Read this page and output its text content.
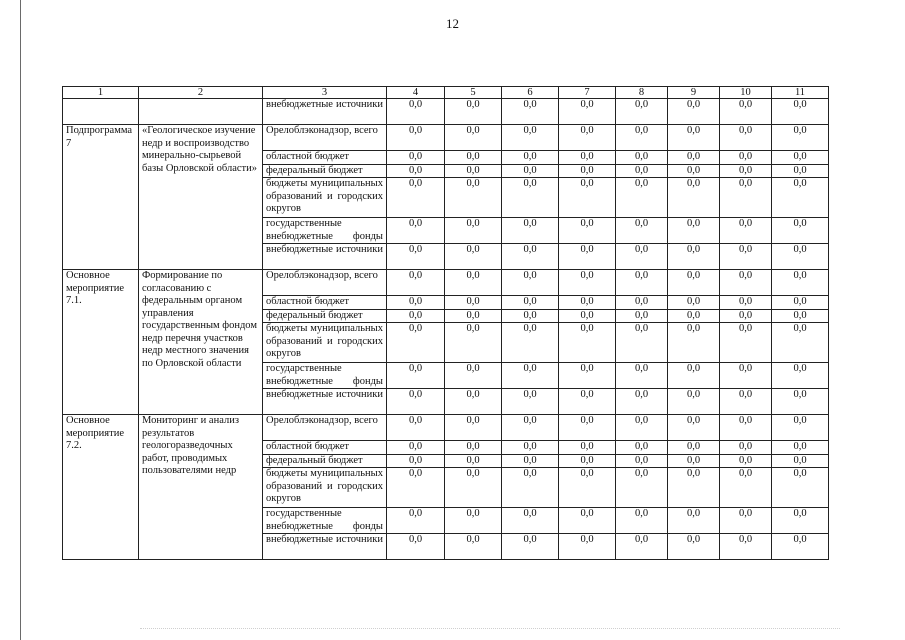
12
1	2	3	4	5	6	7	8	9	10	11
		внебюджетные источники	0,0	0,0	0,0	0,0	0,0	0,0	0,0	0,0
Подпрограмма 7	«Геологическое изучение недр и воспроизводство минерально-сырьевой базы Орловской области»	Орелоблэконадзор, всего	0,0	0,0	0,0	0,0	0,0	0,0	0,0	0,0
		областной бюджет	0,0	0,0	0,0	0,0	0,0	0,0	0,0	0,0
		федеральный бюджет	0,0	0,0	0,0	0,0	0,0	0,0	0,0	0,0
		бюджеты муниципальных образований и городских округов	0,0	0,0	0,0	0,0	0,0	0,0	0,0	0,0
		государственные внебюджетные фонды	0,0	0,0	0,0	0,0	0,0	0,0	0,0	0,0
		внебюджетные источники	0,0	0,0	0,0	0,0	0,0	0,0	0,0	0,0
Основное мероприятие 7.1.	Формирование по согласованию с федеральным органом управления государственным фондом недр перечня участков недр местного значения по Орловской области	Орелоблэконадзор, всего	0,0	0,0	0,0	0,0	0,0	0,0	0,0	0,0
		областной бюджет	0,0	0,0	0,0	0,0	0,0	0,0	0,0	0,0
		федеральный бюджет	0,0	0,0	0,0	0,0	0,0	0,0	0,0	0,0
		бюджеты муниципальных образований и городских округов	0,0	0,0	0,0	0,0	0,0	0,0	0,0	0,0
		государственные внебюджетные фонды	0,0	0,0	0,0	0,0	0,0	0,0	0,0	0,0
		внебюджетные источники	0,0	0,0	0,0	0,0	0,0	0,0	0,0	0,0
Основное мероприятие 7.2.	Мониторинг и анализ результатов геологоразведочных работ, проводимых пользователями недр	Орелоблэконадзор, всего	0,0	0,0	0,0	0,0	0,0	0,0	0,0	0,0
		областной бюджет	0,0	0,0	0,0	0,0	0,0	0,0	0,0	0,0
		федеральный бюджет	0,0	0,0	0,0	0,0	0,0	0,0	0,0	0,0
		бюджеты муниципальных образований и городских округов	0,0	0,0	0,0	0,0	0,0	0,0	0,0	0,0
		государственные внебюджетные фонды	0,0	0,0	0,0	0,0	0,0	0,0	0,0	0,0
		внебюджетные источники	0,0	0,0	0,0	0,0	0,0	0,0	0,0	0,0
